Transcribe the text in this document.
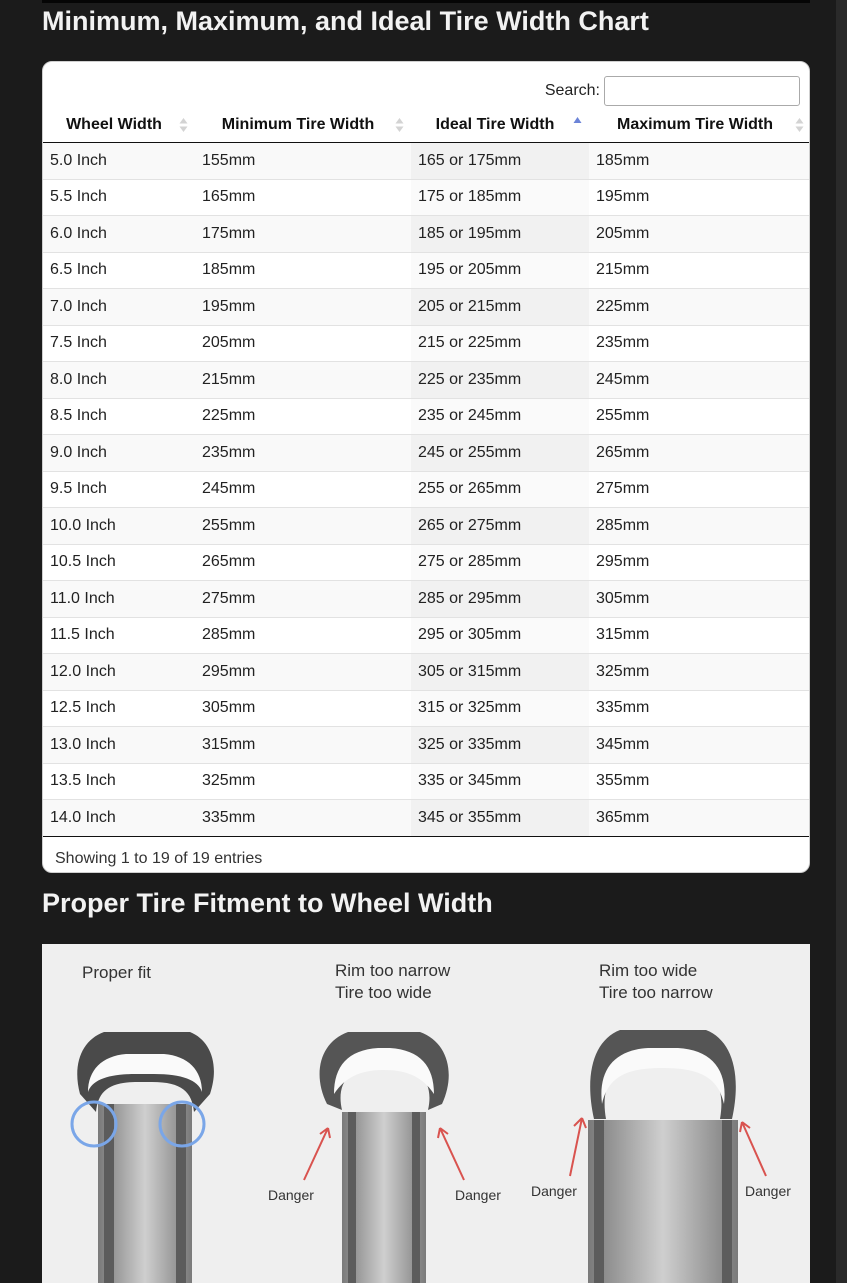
Minimum, Maximum, and Ideal Tire Width Chart
Search:
Wheel Width	Minimum Tire Width	Ideal Tire Width	Maximum Tire Width

5.0 Inch	155mm	165 or 175mm	185mm
5.5 Inch	165mm	175 or 185mm	195mm
6.0 Inch	175mm	185 or 195mm	205mm
6.5 Inch	185mm	195 or 205mm	215mm
7.0 Inch	195mm	205 or 215mm	225mm
7.5 Inch	205mm	215 or 225mm	235mm
8.0 Inch	215mm	225 or 235mm	245mm
8.5 Inch	225mm	235 or 245mm	255mm
9.0 Inch	235mm	245 or 255mm	265mm
9.5 Inch	245mm	255 or 265mm	275mm
10.0 Inch	255mm	265 or 275mm	285mm
10.5 Inch	265mm	275 or 285mm	295mm
11.0 Inch	275mm	285 or 295mm	305mm
11.5 Inch	285mm	295 or 305mm	315mm
12.0 Inch	295mm	305 or 315mm	325mm
12.5 Inch	305mm	315 or 325mm	335mm
13.0 Inch	315mm	325 or 335mm	345mm
13.5 Inch	325mm	335 or 345mm	355mm
14.0 Inch	335mm	345 or 355mm	365mm
Showing 1 to 19 of 19 entries
Proper Tire Fitment to Wheel Width
Proper fit	Rim too narrow
Tire too wide
Rim too wide
Tire too narrow
Danger	Danger Danger	Danger
